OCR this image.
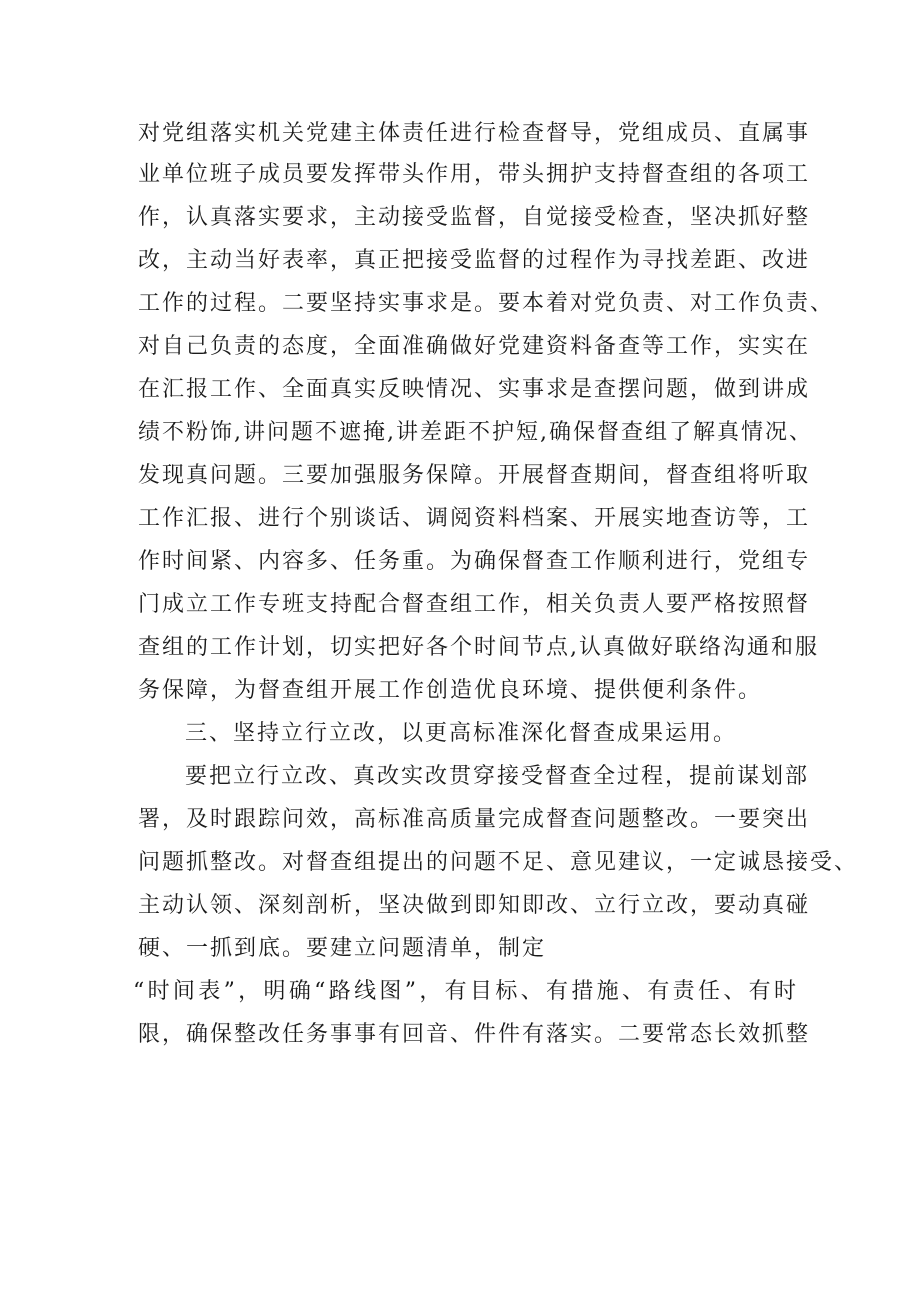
对党组落实机关党建主体责任进行检查督导，党组成员、直属事
业单位班子成员要发挥带头作用，带头拥护支持督查组的各项工
作，认真落实要求，主动接受监督，自觉接受检查，坚决抓好整
改，主动当好表率，真正把接受监督的过程作为寻找差距、改进
工作的过程。二要坚持实事求是。要本着对党负责、对工作负责、
对自己负责的态度，全面准确做好党建资料备查等工作，实实在
在汇报工作、全面真实反映情况、实事求是查摆问题，做到讲成
绩不粉饰,讲问题不遮掩,讲差距不护短,确保督查组了解真情况、
发现真问题。三要加强服务保障。开展督查期间，督查组将听取
工作汇报、进行个别谈话、调阅资料档案、开展实地查访等，工
作时间紧、内容多、任务重。为确保督查工作顺利进行，党组专
门成立工作专班支持配合督查组工作，相关负责人要严格按照督
查组的工作计划，切实把好各个时间节点,认真做好联络沟通和服
务保障，为督查组开展工作创造优良环境、提供便利条件。
三、坚持立行立改，以更高标准深化督查成果运用。
要把立行立改、真改实改贯穿接受督查全过程，提前谋划部
署，及时跟踪问效，高标准高质量完成督查问题整改。一要突出
问题抓整改。对督查组提出的问题不足、意见建议，一定诚恳接受、
主动认领、深刻剖析，坚决做到即知即改、立行立改，要动真碰
硬、一抓到底。要建立问题清单，制定
“时间表”，明确“路线图”，有目标、有措施、有责任、有时
限，确保整改任务事事有回音、件件有落实。二要常态长效抓整
